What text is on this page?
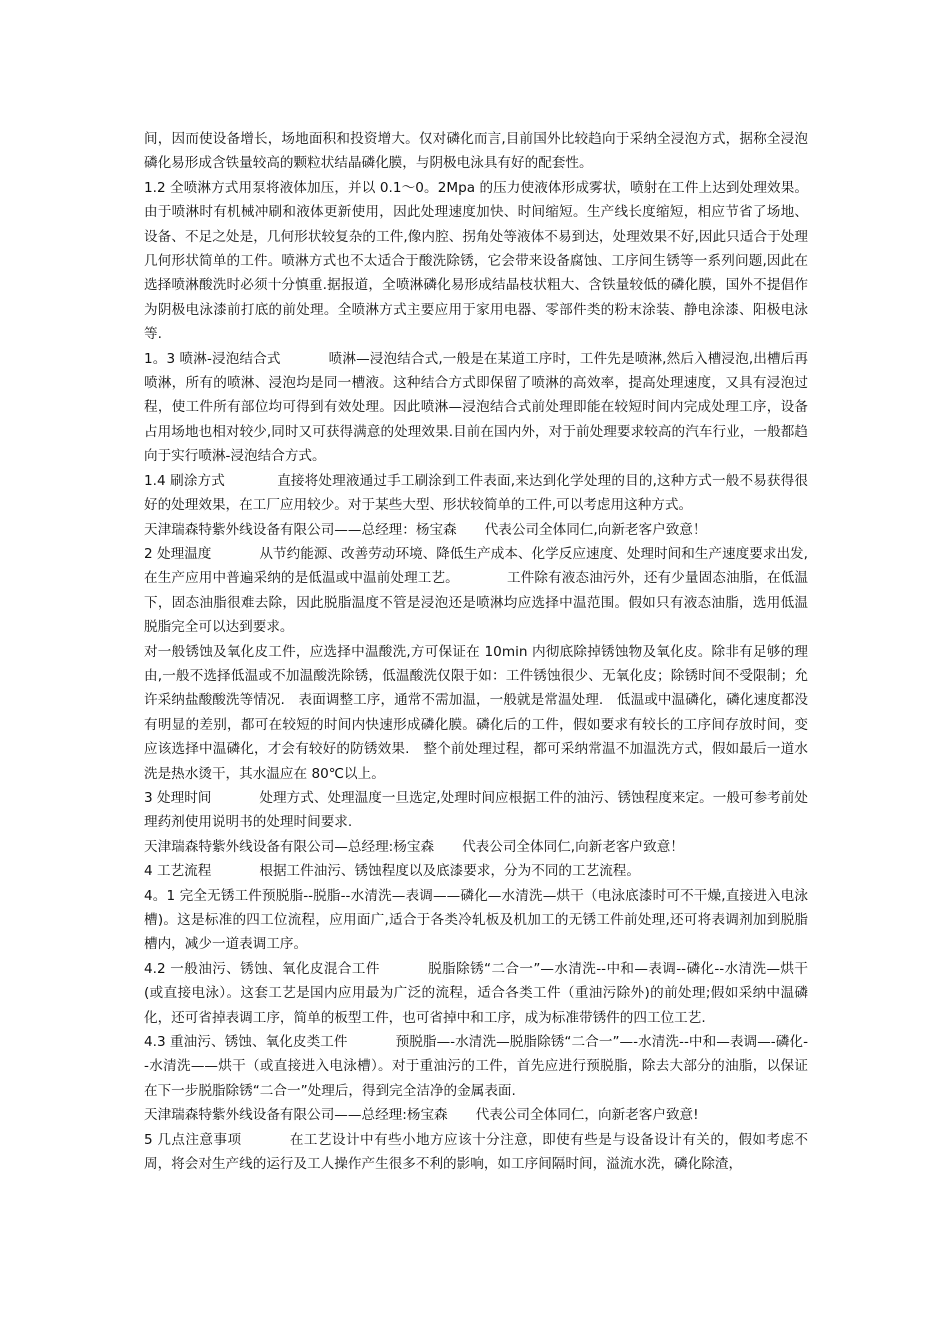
间，因而使设备增长，场地面积和投资增大。仅对磷化而言,目前国外比较趋向于采纳全浸泡方式，据称全浸泡磷化易形成含铁量较高的颗粒状结晶磷化膜，与阴极电泳具有好的配套性。

1.2 全喷淋方式用泵将液体加压，并以 0.1～0。2Mpa 的压力使液体形成雾状，喷射在工件上达到处理效果。由于喷淋时有机械冲刷和液体更新使用，因此处理速度加快、时间缩短。生产线长度缩短，相应节省了场地、设备、不足之处是，几何形状较复杂的工件,像内腔、拐角处等液体不易到达，处理效果不好,因此只适合于处理几何形状简单的工件。喷淋方式也不太适合于酸洗除锈，它会带来设备腐蚀、工序间生锈等一系列问题,因此在选择喷淋酸洗时必须十分慎重.据报道，全喷淋磷化易形成结晶枝状粗大、含铁量较低的磷化膜，国外不提倡作为阴极电泳漆前打底的前处理。全喷淋方式主要应用于家用电器、零部件类的粉末涂装、静电涂漆、阳极电泳等.

1。3 喷淋-浸泡结合式	喷淋—浸泡结合式,一般是在某道工序时，工件先是喷淋,然后入槽浸泡,出槽后再喷淋，所有的喷淋、浸泡均是同一槽液。这种结合方式即保留了喷淋的高效率，提高处理速度，又具有浸泡过程，使工件所有部位均可得到有效处理。因此喷淋—浸泡结合式前处理即能在较短时间内完成处理工序，设备占用场地也相对较少,同时又可获得满意的处理效果.目前在国内外，对于前处理要求较高的汽车行业，一般都趋向于实行喷淋-浸泡结合方式。

1.4 刷涂方式	直接将处理液通过手工刷涂到工件表面,来达到化学处理的目的,这种方式一般不易获得很好的处理效果，在工厂应用较少。对于某些大型、形状较简单的工件,可以考虑用这种方式。

天津瑞森特紫外线设备有限公司——总经理：杨宝森 代表公司全体同仁,向新老客户致意！

2 处理温度	从节约能源、改善劳动环境、降低生产成本、化学反应速度、处理时间和生产速度要求出发,在生产应用中普遍采纳的是低温或中温前处理工艺。	工件除有液态油污外，还有少量固态油脂，在低温下，固态油脂很难去除，因此脱脂温度不管是浸泡还是喷淋均应选择中温范围。假如只有液态油脂，选用低温脱脂完全可以达到要求。

对一般锈蚀及氧化皮工件，应选择中温酸洗,方可保证在 10min 内彻底除掉锈蚀物及氧化皮。除非有足够的理由,一般不选择低温或不加温酸洗除锈，低温酸洗仅限于如：工件锈蚀很少、无氧化皮；除锈时间不受限制；允许采纳盐酸酸洗等情况.　表面调整工序，通常不需加温，一般就是常温处理.　低温或中温磷化，磷化速度都没有明显的差别，都可在较短的时间内快速形成磷化膜。磷化后的工件，假如要求有较长的工序间存放时间，变应该选择中温磷化，才会有较好的防锈效果.　整个前处理过程，都可采纳常温不加温洗方式，假如最后一道水洗是热水烫干，其水温应在 80℃以上。

3 处理时间	处理方式、处理温度一旦选定,处理时间应根据工件的油污、锈蚀程度来定。一般可参考前处理药剂使用说明书的处理时间要求.

天津瑞森特紫外线设备有限公司—总经理:杨宝森 代表公司全体同仁,向新老客户致意！

4 工艺流程	根据工件油污、锈蚀程度以及底漆要求，分为不同的工艺流程。

4。1 完全无锈工件预脱脂--脱脂--水清洗—表调——磷化—水清洗—烘干（电泳底漆时可不干燥,直接进入电泳槽)。这是标准的四工位流程，应用面广,适合于各类冷轧板及机加工的无锈工件前处理,还可将表调剂加到脱脂槽内，减少一道表调工序。

4.2 一般油污、锈蚀、氧化皮混合工件	脱脂除锈“二合一”—水清洗--中和—表调--磷化--水清洗—烘干(或直接电泳）。这套工艺是国内应用最为广泛的流程，适合各类工件（重油污除外)的前处理;假如采纳中温磷化，还可省掉表调工序，简单的板型工件，也可省掉中和工序，成为标准带锈件的四工位工艺.

4.3 重油污、锈蚀、氧化皮类工件	预脱脂—-水清洗—脱脂除锈“二合一”—-水清洗--中和—表调—-磷化--水清洗——烘干（或直接进入电泳槽）。对于重油污的工件，首先应进行预脱脂，除去大部分的油脂，以保证在下一步脱脂除锈“二合一”处理后，得到完全洁净的金属表面.

天津瑞森特紫外线设备有限公司——总经理:杨宝森 代表公司全体同仁，向新老客户致意!

5 几点注意事项	在工艺设计中有些小地方应该十分注意，即使有些是与设备设计有关的，假如考虑不周，将会对生产线的运行及工人操作产生很多不利的影响，如工序间隔时间，溢流水洗，磷化除渣，
